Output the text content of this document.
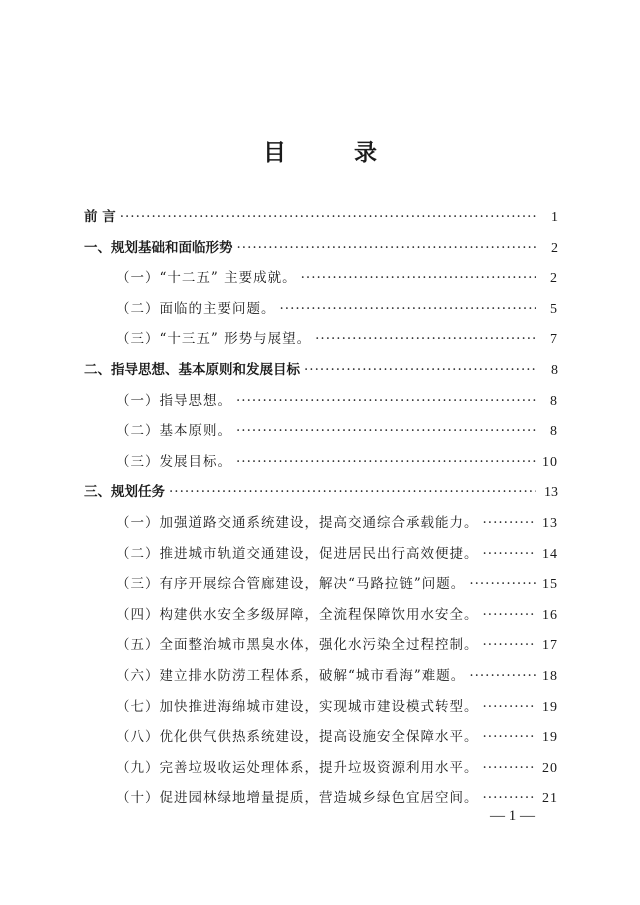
目 录
前 言 ·····	1
一、 规划基础和面临形势 ·····	2
（一） “十二五” 主要成就。 ·····	2
（二） 面临的主要问题。 ·····	5
（三） “十三五” 形势与展望。 ·····	7
二、 指导思想、基本原则和发展目标 ·····	8
（一） 指导思想。 ·····	8
（二） 基本原则。 ·····	8
（三） 发展目标。 ·····	10
三、 规划任务 ·····	13
（一） 加强道路交通系统建设，提高交通综合承载能力。 ·····	13
（二） 推进城市轨道交通建设，促进居民出行高效便捷。 ·····	14
（三） 有序开展综合管廊建设，解决“马路拉链”问题。 ·····	15
（四） 构建供水安全多级屏障，全流程保障饮用水安全。 ·····	16
（五） 全面整治城市黑臭水体，强化水污染全过程控制。 ·····	17
（六） 建立排水防涝工程体系，破解“城市看海”难题。 ·····	18
（七） 加快推进海绵城市建设，实现城市建设模式转型。 ·····	19
（八） 优化供气供热系统建设，提高设施安全保障水平。 ·····	19
（九） 完善垃圾收运处理体系，提升垃圾资源利用水平。 ·····	20
（十） 促进园林绿地增量提质，营造城乡绿色宜居空间。 ·····	21
— 1 —
